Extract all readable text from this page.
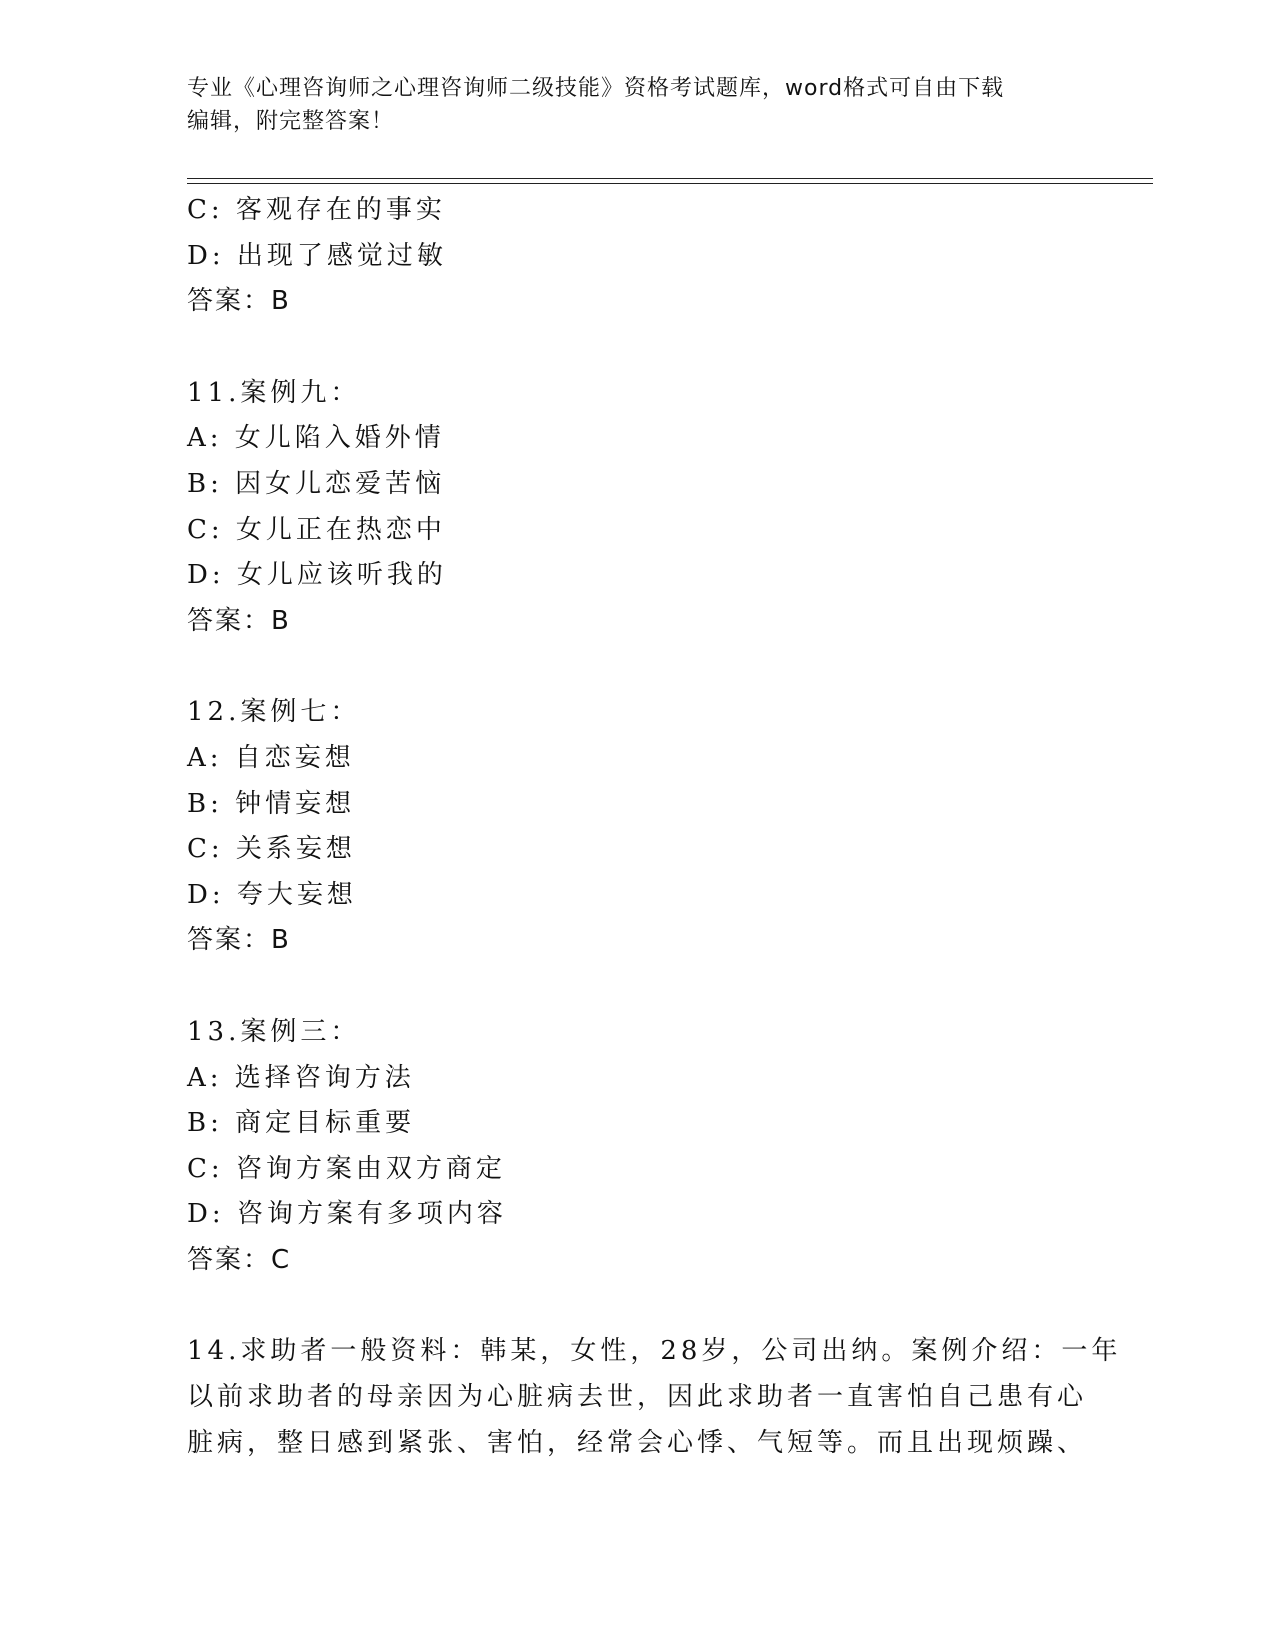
专业《心理咨询师之心理咨询师二级技能》资格考试题库，word格式可自由下载
编辑，附完整答案！
C: 客观存在的事实
D: 出现了感觉过敏
答案：B
11.案例九：
A: 女儿陷入婚外情
B: 因女儿恋爱苦恼
C: 女儿正在热恋中
D: 女儿应该听我的
答案：B
12.案例七：
A: 自恋妄想
B: 钟情妄想
C: 关系妄想
D: 夸大妄想
答案：B
13.案例三：
A: 选择咨询方法
B: 商定目标重要
C: 咨询方案由双方商定
D: 咨询方案有多项内容
答案：C
14.求助者一般资料：韩某，女性，28岁，公司出纳。案例介绍：一年
以前求助者的母亲因为心脏病去世，因此求助者一直害怕自己患有心
脏病，整日感到紧张、害怕，经常会心悸、气短等。而且出现烦躁、
